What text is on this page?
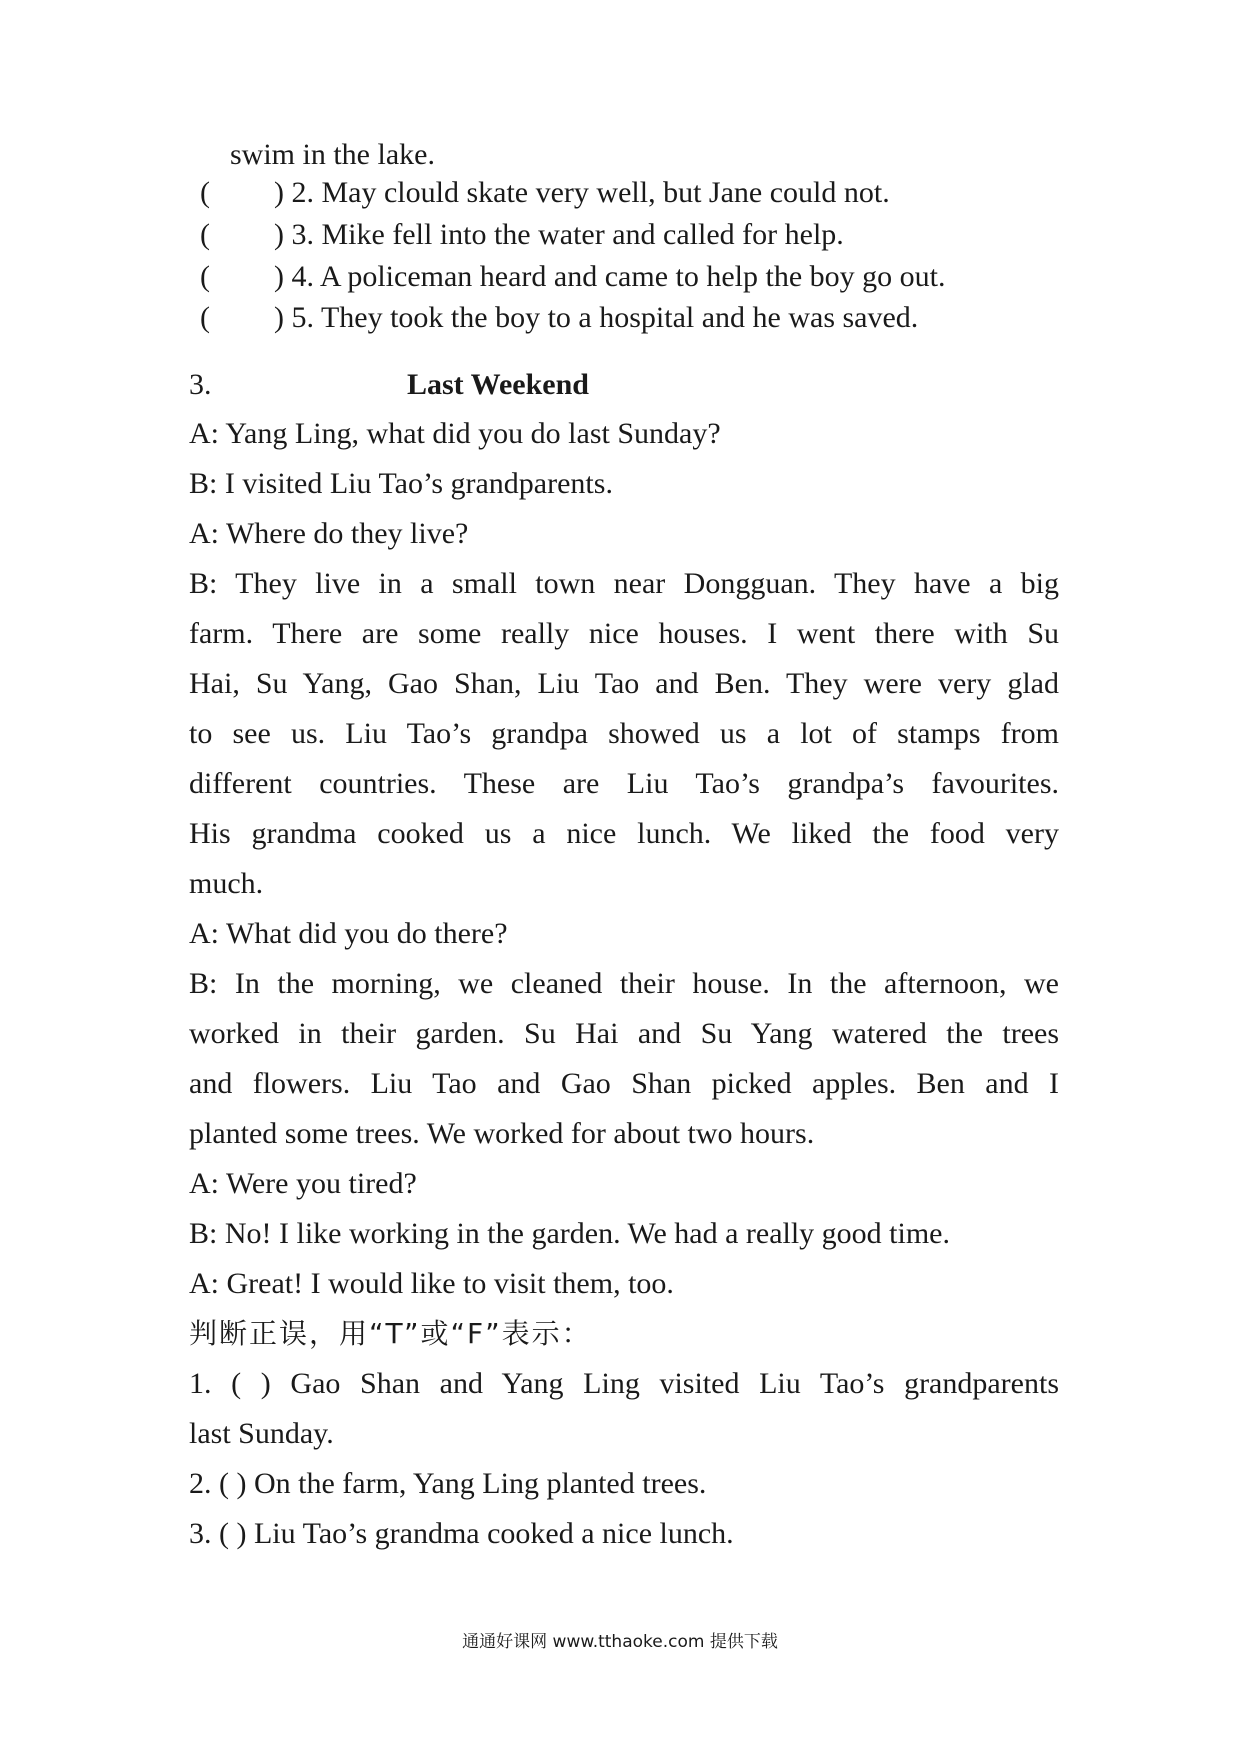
swim in the lake.
( ) 2. May clould skate very well, but Jane could not.
( ) 3. Mike fell into the water and called for help.
( ) 4. A policeman heard and came to help the boy go out.
( ) 5. They took the boy to a hospital and he was saved.
3.	Last Weekend
A: Yang Ling, what did you do last Sunday?
B: I visited Liu Tao’s grandparents.
A: Where do they live?
B: They live in a small town near Dongguan. They have a big
farm. There are some really nice houses. I went there with Su
Hai, Su Yang, Gao Shan, Liu Tao and Ben. They were very glad
to see us. Liu Tao’s grandpa showed us a lot of stamps from
different countries. These are Liu Tao’s grandpa’s favourites.
His grandma cooked us a nice lunch. We liked the food very
much.
A: What did you do there?
B: In the morning, we cleaned their house. In the afternoon, we
worked in their garden. Su Hai and Su Yang watered the trees
and flowers. Liu Tao and Gao Shan picked apples. Ben and I
planted some trees. We worked for about two hours.
A: Were you tired?
B: No! I like working in the garden. We had a really good time.
A: Great! I would like to visit them, too.
判断正误，用“T”或“F”表示：
1. ( ) Gao Shan and Yang Ling visited Liu Tao’s grandparents
last Sunday.
2. ( ) On the farm, Yang Ling planted trees.
3. ( ) Liu Tao’s grandma cooked a nice lunch.
通通好课网 www.tthaoke.com 提供下载
